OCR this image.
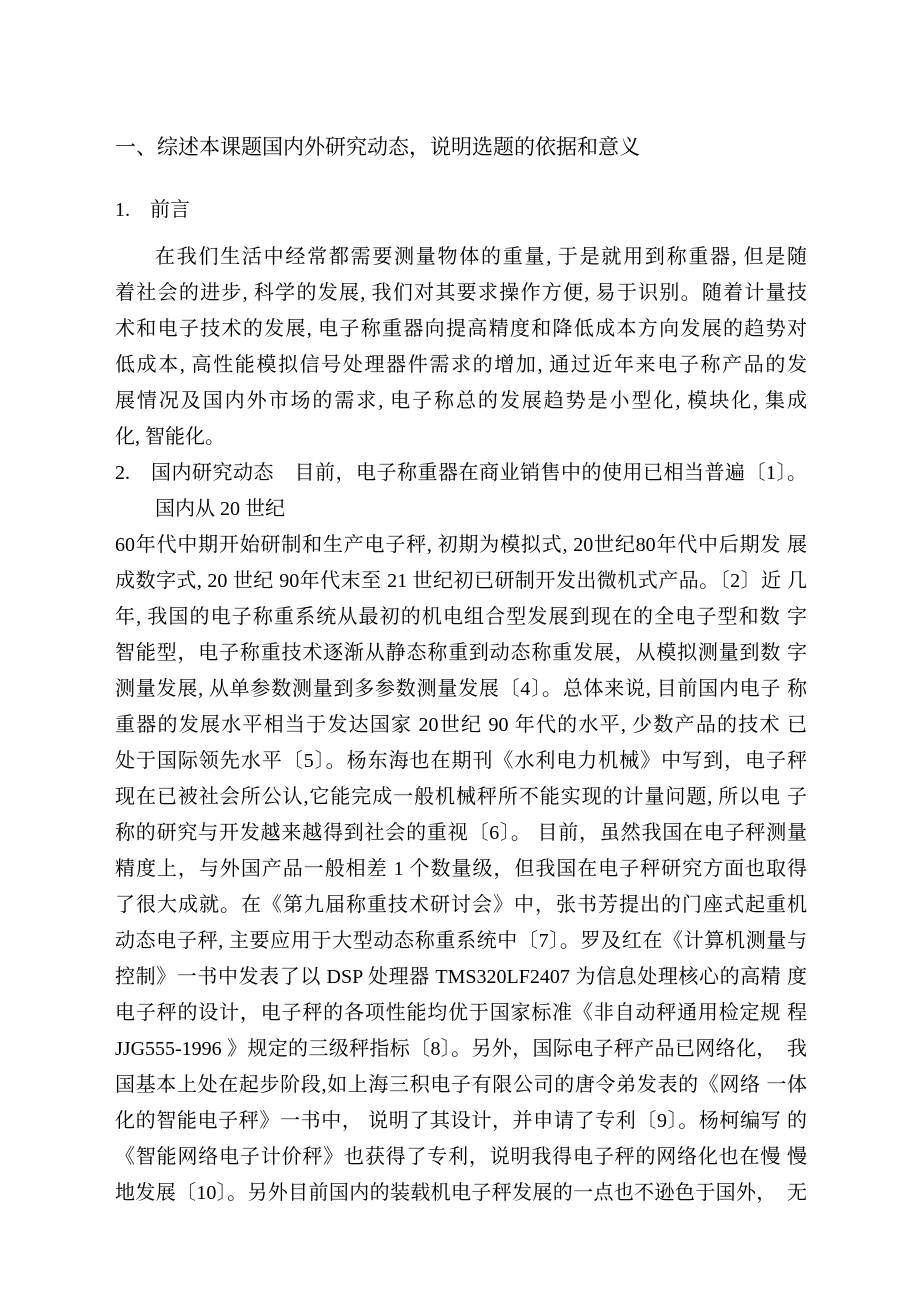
一、综述本课题国内外研究动态，说明选题的依据和意义
1.　前言
在我们生活中经常都需要测量物体的重量, 于是就用到称重器, 但是随
着社会的进步, 科学的发展, 我们对其要求操作方便, 易于识别。随着计量技
术和电子技术的发展, 电子称重器向提高精度和降低成本方向发展的趋势对
低成本, 高性能模拟信号处理器件需求的增加, 通过近年来电子称产品的发
展情况及国内外市场的需求, 电子称总的发展趋势是小型化, 模块化, 集成
化, 智能化。
2.　国内研究动态　目前，电子称重器在商业销售中的使用已相当普遍〔1〕。
国内从 20 世纪
60年代中期开始研制和生产电子秤, 初期为模拟式, 20世纪80年代中后期发 展
成数字式, 20 世纪 90年代末至 21 世纪初已研制开发出微机式产品。〔2〕近 几
年, 我国的电子称重系统从最初的机电组合型发展到现在的全电子型和数 字
智能型，电子称重技术逐渐从静态称重到动态称重发展，从模拟测量到数 字
测量发展, 从单参数测量到多参数测量发展〔4〕。总体来说, 目前国内电子 称
重器的发展水平相当于发达国家 20世纪 90 年代的水平, 少数产品的技术 已
处于国际领先水平〔5〕。杨东海也在期刊《水利电力机械》中写到，电子秤
现在已被社会所公认,它能完成一般机械秤所不能实现的计量问题, 所以电 子
称的研究与开发越来越得到社会的重视〔6〕。 目前，虽然我国在电子秤测量
精度上，与外国产品一般相差 1 个数量级，但我国在电子秤研究方面也取得
了很大成就。在《第九届称重技术研讨会》中，张书芳提出的门座式起重机
动态电子秤, 主要应用于大型动态称重系统中〔7〕。罗及红在《计算机测量与
控制》一书中发表了以 DSP 处理器 TMS320LF2407 为信息处理核心的高精 度
电子秤的设计，电子秤的各项性能均优于国家标准《非自动秤通用检定规 程
JJG555-1996 》规定的三级秤指标〔8〕。另外，国际电子秤产品已网络化，　我
国基本上处在起步阶段,如上海三积电子有限公司的唐令弟发表的《网络 一体
化的智能电子秤》一书中， 说明了其设计，并申请了专利〔9〕。杨柯编写 的
《智能网络电子计价秤》也获得了专利，说明我得电子秤的网络化也在慢 慢
地发展〔10〕。另外目前国内的装载机电子秤发展的一点也不逊色于国外，　无
